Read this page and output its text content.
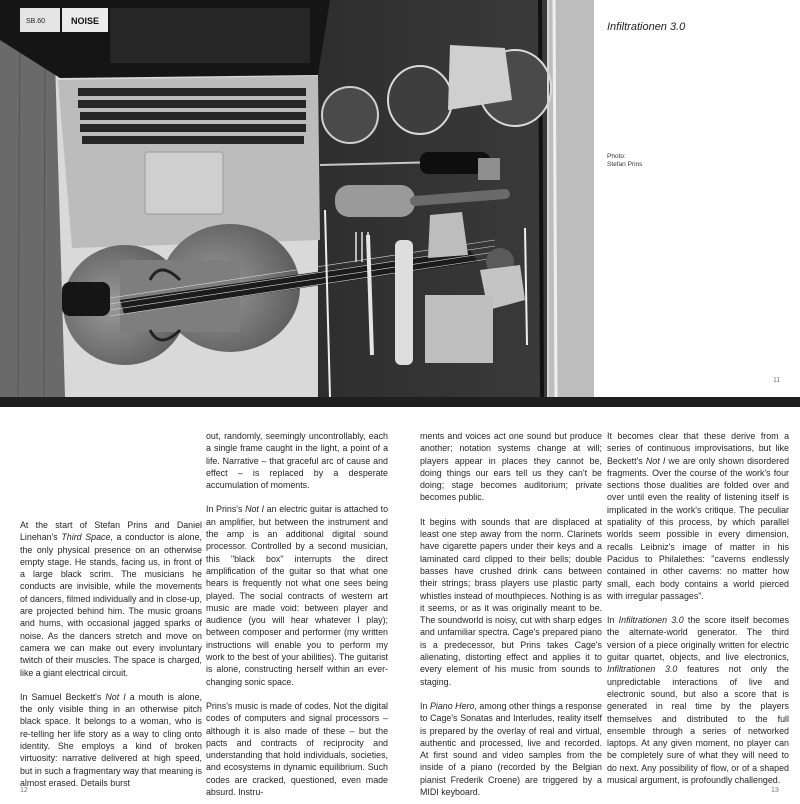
SB.60	NOISE	Infiltrationen 3.0
Photo:
Stefan Prins
11

At the start of Stefan Prins and Daniel Linehan's Third Space, a conductor is alone, the only physical presence on an otherwise empty stage. He stands, facing us, in front of a large black scrim. The musicians he conducts are invisible, while the movements of dancers, filmed individually and in close-up, are projected behind him. The music groans and hums, with occasional jagged sparks of noise. As the dancers stretch and move on camera we can make out every involuntary twitch of their muscles. The space is charged, like a giant electrical circuit.

In Samuel Beckett's Not I a mouth is alone, the only visible thing in an otherwise pitch black space. It belongs to a woman, who is re-telling her life story as a way to cling onto identity. She employs a kind of broken virtuosity: narrative delivered at high speed, but in such a fragmentary way that meaning is almost erased. Details burst

out, randomly, seemingly uncontrollably, each a single frame caught in the light, a point of a life. Narrative – that graceful arc of cause and effect – is replaced by a desperate accumulation of moments.

In Prins's Not I an electric guitar is attached to an amplifier, but between the instrument and the amp is an additional digital sound processor. Controlled by a second musician, this "black box" interrupts the direct amplification of the guitar so that what one hears is frequently not what one sees being played. The social contracts of western art music are made void: between player and audience (you will hear whatever I play); between composer and performer (my written instructions will enable you to perform my work to the best of your abilities). The guitarist is alone, constructing herself within an ever-changing sonic space.

Prins's music is made of codes. Not the digital codes of computers and signal processors – although it is also made of these – but the pacts and contracts of reciprocity and understanding that hold individuals, societies, and ecosystems in dynamic equilibrium. Such codes are cracked, questioned, even made absurd. Instru-

ments and voices act one sound but produce another; notation systems change at will; players appear in places they cannot be, doing things our ears tell us they can't be doing; stage becomes auditorium; private becomes public.

It begins with sounds that are displaced at least one step away from the norm. Clarinets have cigarette papers under their keys and a laminated card clipped to their bells; double basses have crushed drink cans between their strings; brass players use plastic party whistles instead of mouthpieces. Nothing is as it seems, or as it was originally meant to be. The soundworld is noisy, cut with sharp edges and unfamiliar spectra. Cage's prepared piano is a predecessor, but Prins takes Cage's alienating, distorting effect and applies it to every element of his music from sounds to staging.

In Piano Hero, among other things a response to Cage's Sonatas and Interludes, reality itself is prepared by the overlay of real and virtual, authentic and processed, live and recorded. At first sound and video samples from the inside of a piano (recorded by the Belgian pianist Frederik Croene) are triggered by a MIDI keyboard.

It becomes clear that these derive from a series of continuous improvisations, but like Beckett's Not I we are only shown disordered fragments. Over the course of the work's four sections those dualities are folded over and over until even the reality of listening itself is implicated in the work's critique. The peculiar spatiality of this process, by which parallel worlds seem possible in every dimension, recalls Leibniz's image of matter in his Pacidus to Philalethes: "caverns endlessly contained in other caverns: no matter how small, each body contains a world pierced with irregular passages".

In Infiltrationen 3.0 the score itself becomes the alternate-world generator. The third version of a piece originally written for electric guitar quartet, objects, and live electronics, Infiltrationen 3.0 features not only the unpredictable interactions of live and electronic sound, but also a score that is generated in real time by the players themselves and distributed to the full ensemble through a series of networked laptops. At any given moment, no player can be completely sure of what they will need to do next. Any possibility of flow, or of a shaped musical argument, is profoundly challenged.

12	13
